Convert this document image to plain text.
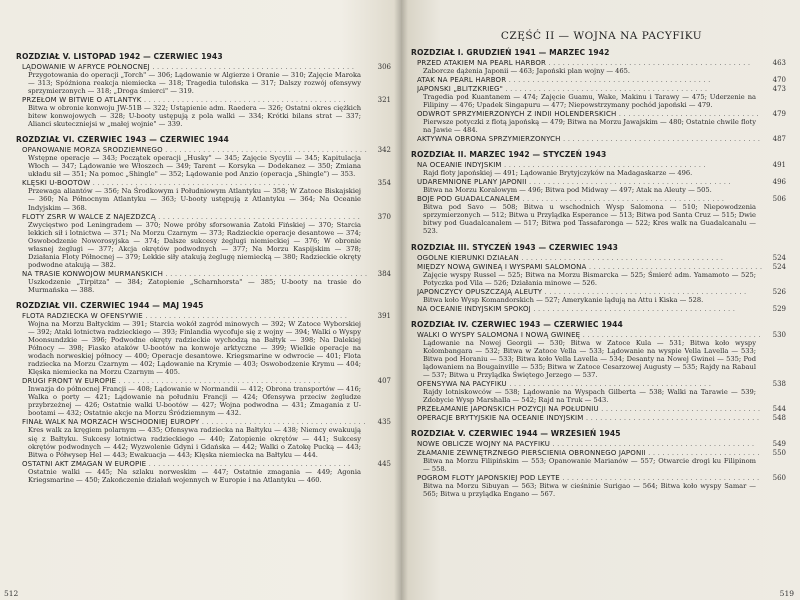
ROZDZIAŁ V. LISTOPAD 1942 — CZERWIEC 1943
LĄDOWANIE W AFRYCE PÓŁNOCNEJ . . .	306
Przygotowania do operacji „Torch" — 306; Lądowanie w Algierze i Oranie — 310; Zajęcie Maroka — 313; Spóźniona reakcja niemiecka — 318; Tragedia tulońska — 317; Dalszy rozwój ofensywy sprzymierzonych — 318; „Droga śmierci" — 319.
PRZEŁOM W BITWIE O ATLANTYK . . .	321
Bitwa w obronie konwoju JW-51B — 322; Ustąpienie adm. Raedera — 326; Ostatni okres ciężkich bitew konwojowych — 328; U-booty ustępują z pola walki — 334; Krótki bilans strat — 337; Alianci skuteczniejsi w „małej wojnie" — 339.
ROZDZIAŁ VI. CZERWIEC 1943 — CZERWIEC 1944
OPANOWANIE MORZA ŚRÓDZIEMNEGO . . .	342
Wstępne operacje — 343; Początek operacji „Husky" — 345; Zajęcie Sycylii — 345; Kapitulacja Włoch — 347; Lądowanie we Włoszech — 349; Tarent — Korsyka — Dodekanez — 350; Zmiana układu sił — 351; Na pomoc „Shingle" — 352; Lądowanie pod Anzio (operacja „Shingle") — 353.
KLĘSKI U-BOOTÓW . . .	354
Przewaga aliantów — 356; Na Środkowym i Południowym Atlantyku — 358; W Zatoce Biskajskiej — 360; Na Północnym Atlantyku — 363; U-booty ustępują z Atlantyku — 364; Na Oceanie Indyjskim — 368.
FLOTY ZSRR W WALCE Z NAJEŹDŹCĄ . . .	370
Zwycięstwo pod Leningradem — 370; Nowe próby sforsowania Zatoki Fińskiej — 370; Starcia lekkich sił i lotnictwa — 371; Na Morzu Czarnym — 373; Radzieckie operacje desantowe — 374; Oswobodzenie Noworosyjska — 374; Dalsze sukcesy żeglugi niemieckiej — 376; W obronie własnej żeglugi — 377; Akcja okrętów podwodnych — 377; Na Morzu Kaspijskim — 378; Działania Floty Północnej — 379; Lekkie siły atakują żeglugę niemiecką — 380; Radzieckie okręty podwodne atakują — 382.
NA TRASIE KONWOJÓW MURMAŃSKICH . . .	384
Uszkodzenie „Tirpitza" — 384; Zatopienie „Scharnhorsta" — 385; U-booty na trasie do Murmańska — 388.
ROZDZIAŁ VII. CZERWIEC 1944 — MAJ 1945
FLOTA RADZIECKA W OFENSYWIE . . .	391
Wojna na Morzu Bałtyckim — 391; Starcia wokół zagród minowych — 392; W Zatoce Wyborskiej — 392; Ataki lotnictwa radzieckiego — 393; Finlandia wycofuje się z wojny — 394; Walki o Wyspy Moonsundzkie — 396; Podwodne okręty radzieckie wychodzą na Bałtyk — 398; Na Dalekiej Północy — 398; Fiasko ataków U-bootów na konwoje arktyczne — 399; Wielkie operacje na wodach norweskiej północy — 400; Operacje desantowe. Kriegsmarine w odwrocie — 401; Flota radziecka na Morzu Czarnym — 402; Lądowanie na Krymie — 403; Oswobodzenie Krymu — 404; Klęska niemiecka na Morzu Czarnym — 405.
DRUGI FRONT W EUROPIE . . .	407
Inwazja do północnej Francji — 408; Lądowanie w Normandii — 412; Obrona transportów — 416; Walka o porty — 421; Lądowanie na południu Francji — 424; Ofensywa przeciw żegludze przybrzeżnej — 426; Ostatnie walki U-bootów — 427; Wojna podwodna — 431; Zmagania z U-bootami — 432; Ostatnie akcje na Morzu Śródziemnym — 432.
FINAŁ WALK NA MORZACH WSCHODNIEJ EUROPY . . .	435
Kres walk za kręgiem polarnym — 435; Ofensywa radziecka na Bałtyku — 438; Niemcy ewakuują się z Bałtyku. Sukcesy lotnictwa radzieckiego — 440; Zatopienie okrętów — 441; Sukcesy okrętów podwodnych — 442; Wyzwolenie Gdyni i Gdańska — 442; Walki o Zatokę Pucką — 443; Bitwa o Półwysep Hel — 443; Ewakuacja — 443; Klęska niemiecka na Bałtyku — 444.
OSTATNI AKT ZMAGAŃ W EUROPIE . . .	445
Ostatnie walki — 445; Na szlaku norweskim — 447; Ostatnie zmagania — 449; Agonia Kriegsmarine — 450; Zakończenie działań wojennych w Europie i na Atlantyku — 460.
512
CZĘŚĆ II — WOJNA NA PACYFIKU
ROZDZIAŁ I. GRUDZIEŃ 1941 — MARZEC 1942
PRZED ATAKIEM NA PEARL HARBOR . . .	463
Zaborcze dążenia Japonii — 463; Japoński plan wojny — 465.
ATAK NA PEARL HARBOR . . .	470
JAPOŃSKI „BLITZKRIEG" . . .	473
Tragedia pod Kuantanem — 474; Zajęcie Guamu, Wake, Makinu i Tarawy — 475; Uderzenie na Filipiny — 476; Upadek Singapuru — 477; Niepowstrzymany pochód japoński — 479.
ODWRÓT SPRZYMIERZONYCH Z INDII HOLENDERSKICH . . .	479
Pierwsze potyczki z flotą japońską — 479; Bitwa na Morzu Jawajskim — 480; Ostatnie chwile floty na Jawie — 484.
AKTYWNA OBRONA SPRZYMIERZONYCH . . .	487
ROZDZIAŁ II. MARZEC 1942 — STYCZEŃ 1943
NA OCEANIE INDYJSKIM . . .	491
Rajd floty japońskiej — 491; Lądowanie Brytyjczyków na Madagaskarze — 496.
UDAREMNIONE PLANY JAPONII . . .	496
Bitwa na Morzu Koralowym — 496; Bitwa pod Midway — 497; Atak na Aleuty — 505.
BOJE POD GUADALCANALEM . . .	506
Bitwa pod Savo — 508; Bitwa u wschodnich Wysp Salomona — 510; Niepowodzenia sprzymierzonych — 512; Bitwa u Przylądka Esperance — 513; Bitwa pod Santa Cruz — 515; Dwie bitwy pod Guadalcanalem — 517; Bitwa pod Tassafaronga — 522; Kres walk na Guadalcanalu — 523.
ROZDZIAŁ III. STYCZEŃ 1943 — CZERWIEC 1943
OGÓLNE KIERUNKI DZIAŁAŃ . . .	524
MIĘDZY NOWĄ GWINEĄ I WYSPAMI SALOMONA . . .	524
Zajęcie wyspy Russel — 525; Bitwa na Morzu Bismarcka — 525; Śmierć adm. Yamamoto — 525; Potyczka pod Vila — 526; Działania minowe — 526.
JAPOŃCZYCY OPUSZCZAJĄ ALEUTY . . .	526
Bitwa koło Wysp Komandorskich — 527; Amerykanie lądują na Attu i Kiska — 528.
NA OCEANIE INDYJSKIM SPOKÓJ . . .	529
ROZDZIAŁ IV. CZERWIEC 1943 — CZERWIEC 1944
WALKI O WYSPY SALOMONA I NOWĄ GWINEĘ . . .	530
Lądowanie na Nowej Georgii — 530; Bitwa w Zatoce Kula — 531; Bitwa koło wyspy Kolombangara — 532; Bitwa w Zatoce Vella — 533; Lądowanie na wyspie Vella Lavella — 533; Bitwa pod Horaniu — 533; Bitwa koło Vella Lavella — 534; Desanty na Nowej Gwinei — 535; Pod lądowaniem na Bougainville — 535; Bitwa w Zatoce Cesarzowej Augusty — 535; Rajdy na Rabaul — 537; Bitwa u Przylądka Świętego Jerzego — 537.
OFENSYWA NA PACYFIKU . . .	538
Rajdy lotniskowców — 538; Lądowanie na Wyspach Gilberta — 538; Walki na Tarawie — 539; Zdobycie Wysp Marshalla — 542; Rajd na Truk — 543.
PRZEŁAMANIE JAPOŃSKICH POZYCJI NA POŁUDNIU . . .	544
OPERACJE BRYTYJSKIE NA OCEANIE INDYJSKIM . . .	548
ROZDZIAŁ V. CZERWIEC 1944 — WRZESIEŃ 1945
NOWE OBLICZE WOJNY NA PACYFIKU . . .	549
ZŁAMANIE ZEWNĘTRZNEGO PIERŚCIENIA OBRONNEGO JAPONII . . .	550
Bitwa na Morzu Filipińskim — 553; Opanowanie Marianów — 557; Otwarcie drogi ku Filipinom — 558.
POGROM FLOTY JAPOŃSKIEJ POD LEYTE . . .	560
Bitwa na Morzu Sibuyan — 563; Bitwa w cieśninie Surigao — 564; Bitwa koło wyspy Samar — 565; Bitwa u przylądka Engano — 567.
519
